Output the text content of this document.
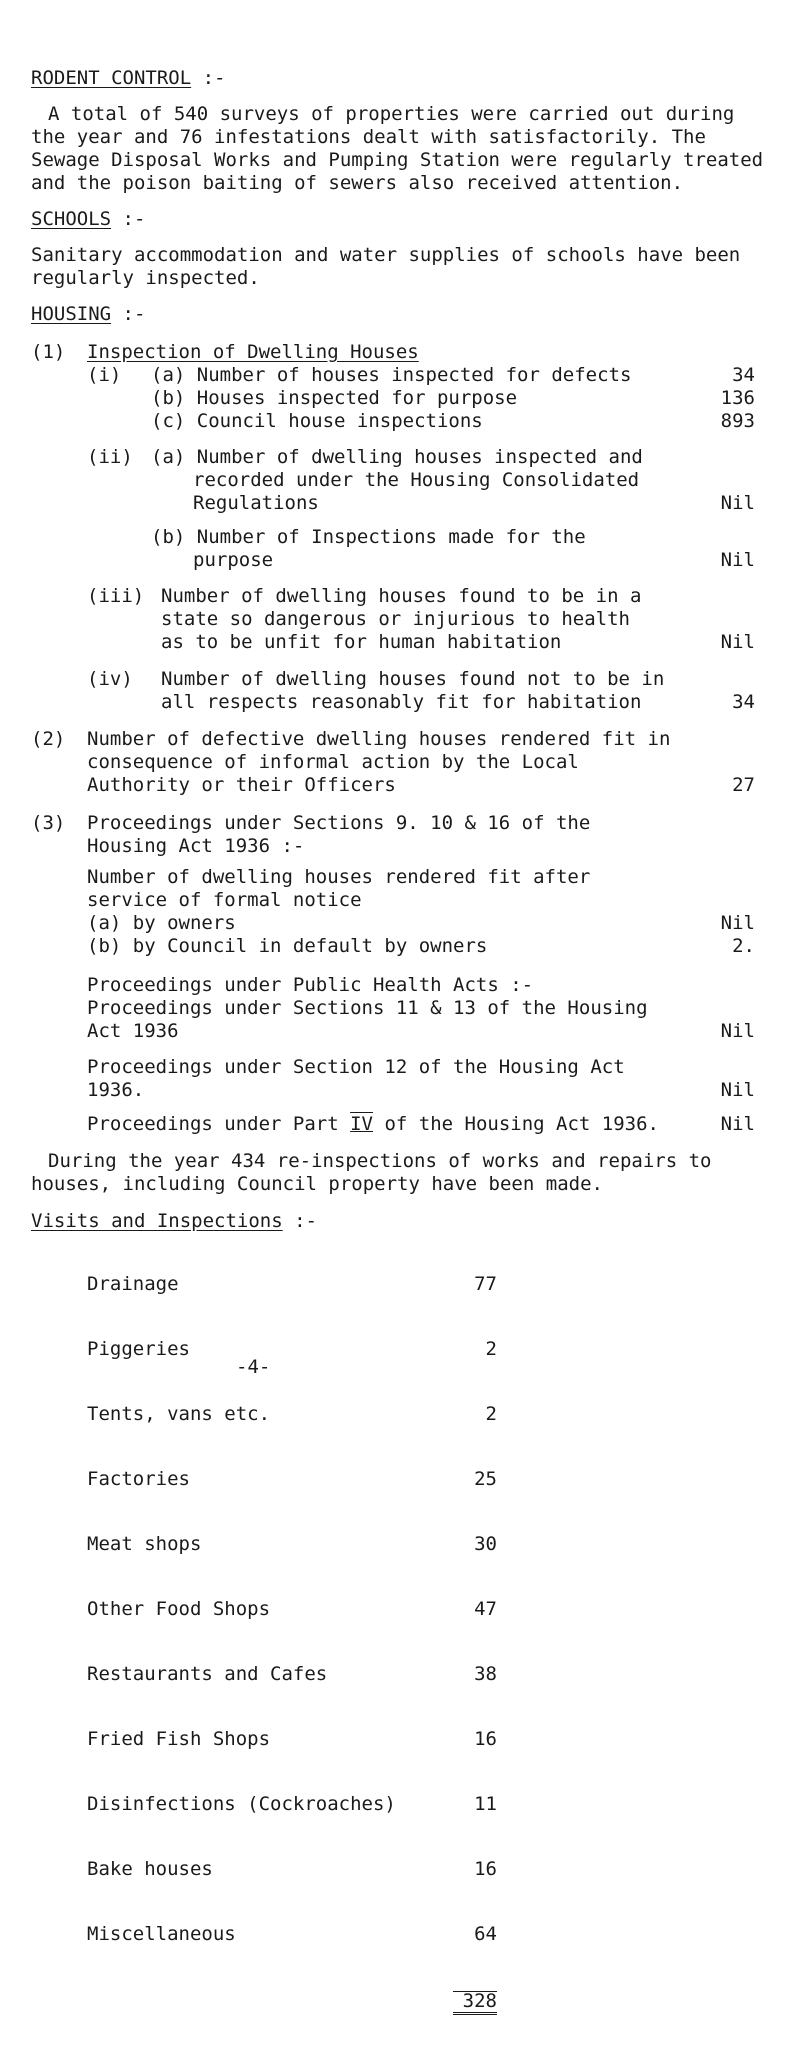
RODENT CONTROL :-
A total of 540 surveys of properties were carried out during
the year and 76 infestations dealt with satisfactorily. The
Sewage Disposal Works and Pumping Station were regularly treated
and the poison baiting of sewers also received attention.
SCHOOLS :-
Sanitary accommodation and water supplies of schools have been
regularly inspected.
HOUSING :-
(1) Inspection of Dwelling Houses
(i) (a) Number of houses inspected for defects	34
(b) Houses inspected for purpose	136
(c) Council house inspections	893
(ii) (a) Number of dwelling houses inspected and
recorded under the Housing Consolidated
Regulations	Nil
(b) Number of Inspections made for the
purpose	Nil
(iii) Number of dwelling houses found to be in a
state so dangerous or injurious to health
as to be unfit for human habitation	Nil
(iv) Number of dwelling houses found not to be in
all respects reasonably fit for habitation	34
(2) Number of defective dwelling houses rendered fit in
consequence of informal action by the Local
Authority or their Officers	27
(3) Proceedings under Sections 9. 10 & 16 of the
Housing Act 1936 :-
Number of dwelling houses rendered fit after
service of formal notice
(a) by owners	Nil
(b) by Council in default by owners	2.
Proceedings under Public Health Acts :-
Proceedings under Sections 11 & 13 of the Housing
Act 1936	Nil
Proceedings under Section 12 of the Housing Act
1936.	Nil
Proceedings under Part IV of the Housing Act 1936.	Nil
During the year 434 re-inspections of works and repairs to
houses, including Council property have been made.
Visits and Inspections :-

Drainage	77

Piggeries	2

Tents, vans etc.	2

Factories	25

Meat shops	30

Other Food Shops	47

Restaurants and Cafes	38

Fried Fish Shops	16

Disinfections (Cockroaches)	11

Bake houses	16

Miscellaneous	64

328

-4-
